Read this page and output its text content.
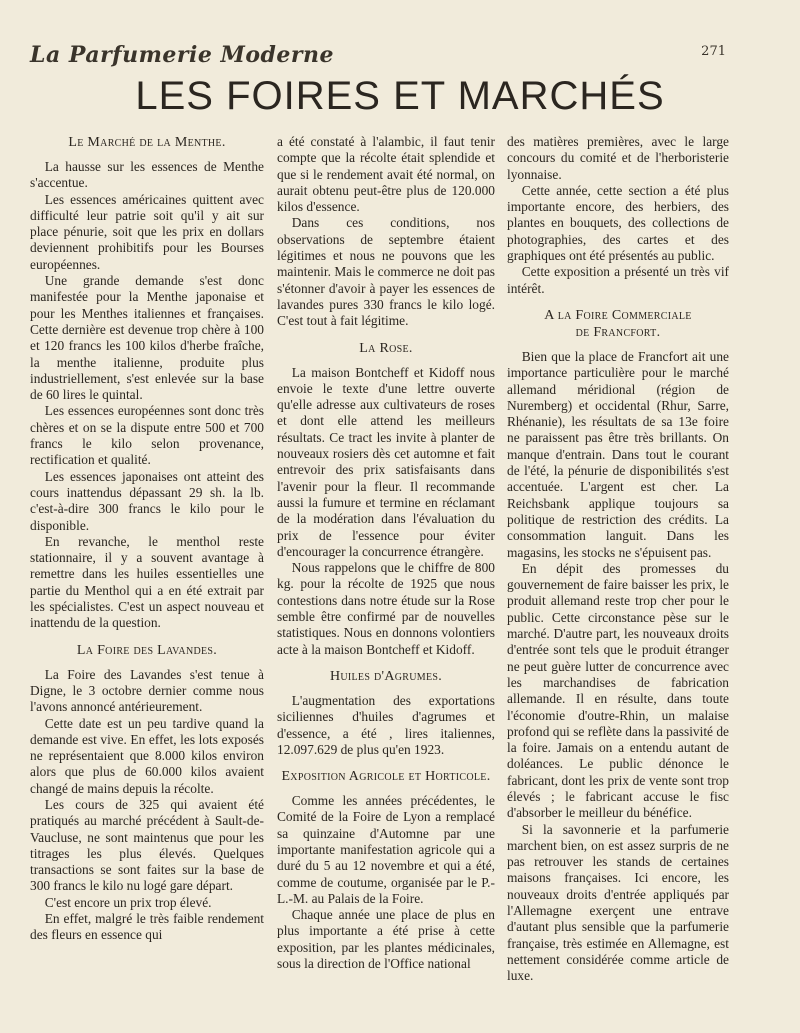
La Parfumerie Moderne	271
LES FOIRES ET MARCHÉS
Le Marché de la Menthe.

La hausse sur les essences de Menthe s'accentue.

Les essences américaines quittent avec difficulté leur patrie soit qu'il y ait sur place pénurie, soit que les prix en dollars deviennent prohibitifs pour les Bourses européennes.

Une grande demande s'est donc manifestée pour la Menthe japonaise et pour les Menthes italiennes et françaises. Cette dernière est devenue trop chère à 100 et 120 francs les 100 kilos d'herbe fraîche, la menthe italienne, produite plus industriellement, s'est enlevée sur la base de 60 lires le quintal.

Les essences européennes sont donc très chères et on se la dispute entre 500 et 700 francs le kilo selon provenance, rectification et qualité.

Les essences japonaises ont atteint des cours inattendus dépassant 29 sh. la lb. c'est-à-dire 300 francs le kilo pour le disponible.

En revanche, le menthol reste stationnaire, il y a souvent avantage à remettre dans les huiles essentielles une partie du Menthol qui a en été extrait par les spécialistes. C'est un aspect nouveau et inattendu de la question.

La Foire des Lavandes.

La Foire des Lavandes s'est tenue à Digne, le 3 octobre dernier comme nous l'avons annoncé antérieurement.

Cette date est un peu tardive quand la demande est vive. En effet, les lots exposés ne représentaient que 8.000 kilos environ alors que plus de 60.000 kilos avaient changé de mains depuis la récolte.

Les cours de 325 qui avaient été pratiqués au marché précédent à Sault-de-Vaucluse, ne sont maintenus que pour les titrages les plus élevés. Quelques transactions se sont faites sur la base de 300 francs le kilo nu logé gare départ.

C'est encore un prix trop élevé.

En effet, malgré le très faible rendement des fleurs en essence qui

a été constaté à l'alambic, il faut tenir compte que la récolte était splendide et que si le rendement avait été normal, on aurait obtenu peut-être plus de 120.000 kilos d'essence.

Dans ces conditions, nos observations de septembre étaient légitimes et nous ne pouvons que les maintenir. Mais le commerce ne doit pas s'étonner d'avoir à payer les essences de lavandes pures 330 francs le kilo logé. C'est tout à fait légitime.

La Rose.

La maison Bontcheff et Kidoff nous envoie le texte d'une lettre ouverte qu'elle adresse aux cultivateurs de roses et dont elle attend les meilleurs résultats. Ce tract les invite à planter de nouveaux rosiers dès cet automne et fait entrevoir des prix satisfaisants dans l'avenir pour la fleur. Il recommande aussi la fumure et termine en réclamant de la modération dans l'évaluation du prix de l'essence pour éviter d'encourager la concurrence étrangère.

Nous rappelons que le chiffre de 800 kg. pour la récolte de 1925 que nous contestions dans notre étude sur la Rose semble être confirmé par de nouvelles statistiques. Nous en donnons volontiers acte à la maison Bontcheff et Kidoff.

Huiles d'Agrumes.

L'augmentation des exportations siciliennes d'huiles d'agrumes et d'essence, a été , lires italiennes, 12.097.629 de plus qu'en 1923.

Exposition Agricole et Horticole.

Comme les années précédentes, le Comité de la Foire de Lyon a remplacé sa quinzaine d'Automne par une importante manifestation agricole qui a duré du 5 au 12 novembre et qui a été, comme de coutume, organisée par le P.-L.-M. au Palais de la Foire.

Chaque année une place de plus en plus importante a été prise à cette exposition, par les plantes médicinales, sous la direction de l'Office national

des matières premières, avec le large concours du comité et de l'herboristerie lyonnaise.

Cette année, cette section a été plus importante encore, des herbiers, des plantes en bouquets, des collections de photographies, des cartes et des graphiques ont été présentés au public.

Cette exposition a présenté un très vif intérêt.

A la Foire Commerciale
de Francfort.

Bien que la place de Francfort ait une importance particulière pour le marché allemand méridional (région de Nuremberg) et occidental (Rhur, Sarre, Rhénanie), les résultats de sa 13e foire ne paraissent pas être très brillants. On manque d'entrain. Dans tout le courant de l'été, la pénurie de disponibilités s'est accentuée. L'argent est cher. La Reichsbank applique toujours sa politique de restriction des crédits. La consommation languit. Dans les magasins, les stocks ne s'épuisent pas.

En dépit des promesses du gouvernement de faire baisser les prix, le produit allemand reste trop cher pour le public. Cette circonstance pèse sur le marché. D'autre part, les nouveaux droits d'entrée sont tels que le produit étranger ne peut guère lutter de concurrence avec les marchandises de fabrication allemande. Il en résulte, dans toute l'économie d'outre-Rhin, un malaise profond qui se reflète dans la passivité de la foire. Jamais on a entendu autant de doléances. Le public dénonce le fabricant, dont les prix de vente sont trop élevés ; le fabricant accuse le fisc d'absorber le meilleur du bénéfice.

Si la savonnerie et la parfumerie marchent bien, on est assez surpris de ne pas retrouver les stands de certaines maisons françaises. Ici encore, les nouveaux droits d'entrée appliqués par l'Allemagne exerçent une entrave d'autant plus sensible que la parfumerie française, très estimée en Allemagne, est nettement considérée comme article de luxe.
